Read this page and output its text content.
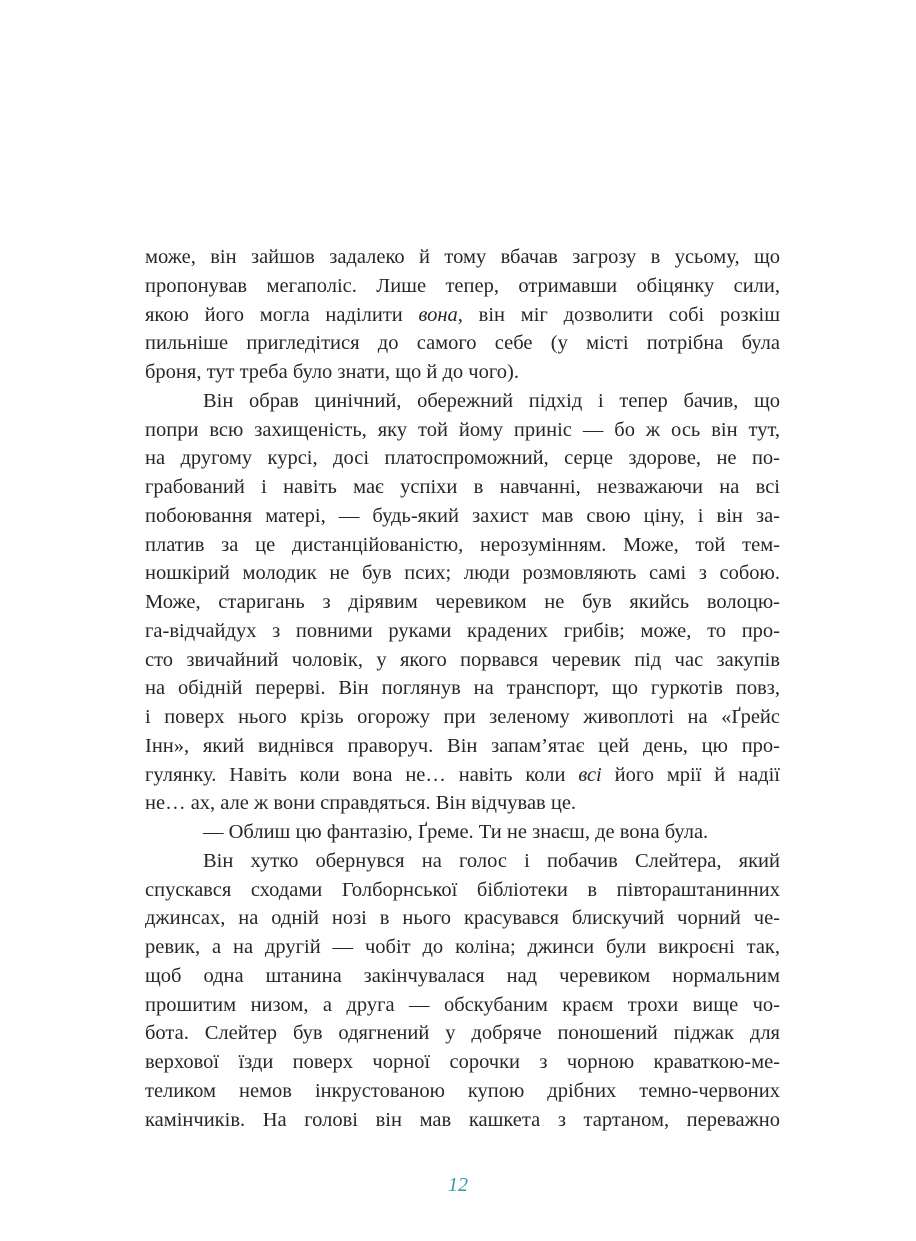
може, він зайшов задалеко й тому вбачав загрозу в усьому, що
пропонував мегаполіс. Лише тепер, отримавши обіцянку сили,
якою його могла наділити вона, він міг дозволити собі розкіш
пильніше пригледітися до самого себе (у місті потрібна була
броня, тут треба було знати, що й до чого).
Він обрав цинічний, обережний підхід і тепер бачив, що
попри всю захищеність, яку той йому приніс — бо ж ось він тут,
на другому курсі, досі платоспроможний, серце здорове, не по-
грабований і навіть має успіхи в навчанні, незважаючи на всі
побоювання матері, — будь-який захист мав свою ціну, і він за-
платив за це дистанційованістю, нерозумінням. Може, той тем-
ношкірий молодик не був псих; люди розмовляють самі з собою.
Може, старигань з дірявим черевиком не був якийсь волоцю-
га-відчайдух з повними руками крадених грибів; може, то про-
сто звичайний чоловік, у якого порвався черевик під час закупів
на обідній перерві. Він поглянув на транспорт, що гуркотів повз,
і поверх нього крізь огорожу при зеленому живоплоті на «Ґрейс
Інн», який виднівся праворуч. Він запам’ятає цей день, цю про-
гулянку. Навіть коли вона не… навіть коли всі його мрії й надії
не… ах, але ж вони справдяться. Він відчував це.
— Облиш цю фантазію, Ґреме. Ти не знаєш, де вона була.
Він хутко обернувся на голос і побачив Слейтера, який
спускався сходами Голборнської бібліотеки в півтораштанинних
джинсах, на одній нозі в нього красувався блискучий чорний че-
ревик, а на другій — чобіт до коліна; джинси були викроєні так,
щоб одна штанина закінчувалася над черевиком нормальним
прошитим низом, а друга — обскубаним краєм трохи вище чо-
бота. Слейтер був одягнений у добряче поношений піджак для
верхової їзди поверх чорної сорочки з чорною краваткою-ме-
теликом немов інкрустованою купою дрібних темно-червоних
камінчиків. На голові він мав кашкета з тартаном, переважно
12
